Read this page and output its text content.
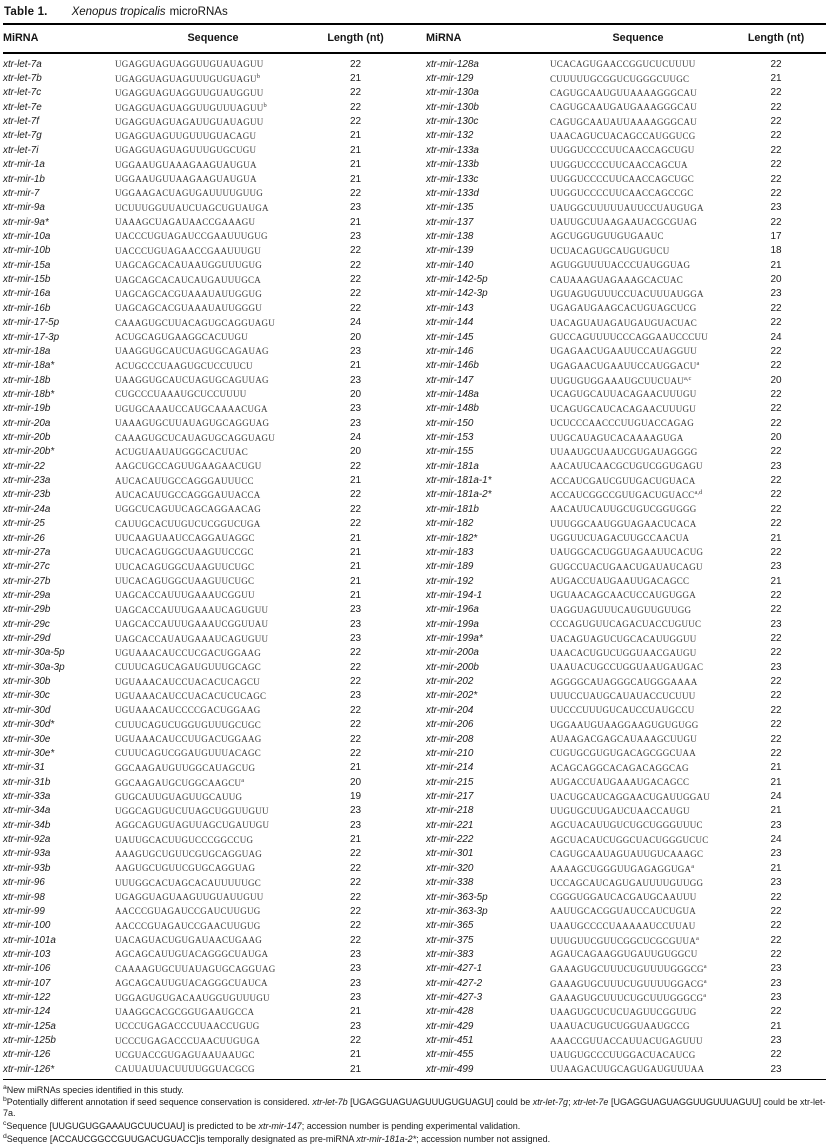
Table 1. Xenopus tropicalis microRNAs
MiRNA	Sequence	Length (nt)	MiRNA	Sequence	Length (nt)
xtr-let-7a	UGAGGUAGUAGGUUGUAUAGUU	22
xtr-let-7b	UGAGGUAGUAGUUUGUGUAGU$^b$	21
xtr-let-7c	UGAGGUAGUAGGUUGUAUGGUU	22
xtr-let-7e	UGAGGUAGUAGGUUGUUUAGUU$^b$	22
xtr-let-7f	UGAGGUAGUAGAUUGUAUAGUU	22
xtr-let-7g	UGAGGUAGUUGUUUGUACAGU	21
xtr-let-7i	UGAGGUAGUAGUUUGUGCUGU	21
xtr-mir-1a	UGGAAUGUAAAGAAGUAUGUA	21
xtr-mir-1b	UGGAAUGUUAAGAAGUAUGUA	21
xtr-mir-7	UGGAAGACUAGUGAUUUUGUUG	22
xtr-mir-9a	UCUUUGGUUAUCUAGCUGUAUGA	23
xtr-mir-9a*	UAAAGCUAGAUAACCGAAAGU	21
xtr-mir-10a	UACCCUGUAGAUCCGAAUUUGUG	23
xtr-mir-10b	UACCCUGUAGAACCGAAUUUGU	22
xtr-mir-15a	UAGCAGCACAUAAUGGUUUGUG	22
xtr-mir-15b	UAGCAGCACAUCAUGAUUUGCA	22
xtr-mir-16a	UAGCAGCACGUAAAUAUUGGUG	22
xtr-mir-16b	UAGCAGCACGUAAAUAUUGGGU	22
xtr-mir-17-5p	CAAAGUGCUUACAGUGCAGGUAGU	24
xtr-mir-17-3p	ACUGCAGUGAAGGCACUUGU	20
xtr-mir-18a	UAAGGUGCAUCUAGUGCAGAUAG	23
xtr-mir-18a*	ACUGCCCUAAGUGCUCCUUCU	21
xtr-mir-18b	UAAGGUGCAUCUAGUGCAGUUAG	23
xtr-mir-18b*	CUGCCCUAAAUGCUCCUUUU	20
xtr-mir-19b	UGUGCAAAUCCAUGCAAAACUGA	23
xtr-mir-20a	UAAAGUGCUUAUAGUGCAGGUAG	23
xtr-mir-20b	CAAAGUGCUCAUAGUGCAGGUAGU	24
xtr-mir-20b*	ACUGUAAUAUGGGCACUUAC	20
xtr-mir-22	AAGCUGCCAGUUGAAGAACUGU	22
xtr-mir-23a	AUCACAUUGCCAGGGAUUUCC	21
xtr-mir-23b	AUCACAUUGCCAGGGAUUACCA	22
xtr-mir-24a	UGGCUCAGUUCAGCAGGAACAG	22
xtr-mir-25	CAUUGCACUUGUCUCGGUCUGA	22
xtr-mir-26	UUCAAGUAAUCCAGGAUAGGC	21
xtr-mir-27a	UUCACAGUGGCUAAGUUCCGC	21
xtr-mir-27c	UUCACAGUGGCUAAGUUCUGC	21
xtr-mir-27b	UUCACAGUGGCUAAGUUCUGC	21
xtr-mir-29a	UAGCACCAUUUGAAAUCGGUU	21
xtr-mir-29b	UAGCACCAUUUGAAAUCAGUGUU	23
xtr-mir-29c	UAGCACCAUUUGAAAUCGGUUAU	23
xtr-mir-29d	UAGCACCAUAUGAAAUCAGUGUU	23
xtr-mir-30a-5p	UGUAAACAUCCUCGACUGGAAG	22
xtr-mir-30a-3p	CUUUCAGUCAGAUGUUUGCAGC	22
xtr-mir-30b	UGUAAACAUCCUACACUCAGCU	22
xtr-mir-30c	UGUAAACAUCCUACACUCUCAGC	23
xtr-mir-30d	UGUAAACAUCCCCGACUGGAAG	22
xtr-mir-30d*	CUUUCAGUCUGGUGUUUGCUGC	22
xtr-mir-30e	UGUAAACAUCCUUGACUGGAAG	22
xtr-mir-30e*	CUUUCAGUCGGAUGUUUACAGC	22
xtr-mir-31	GGCAAGAUGUUGGCAUAGCUG	21
xtr-mir-31b	GGCAAGAUGCUGGCAAGCU$^a$	20
xtr-mir-33a	GUGCAUUGUAGUUGCAUUG	19
xtr-mir-34a	UGGCAGUGUCUUAGCUGGUUGUU	23
xtr-mir-34b	AGGCAGUGUAGUUAGCUGAUUGU	23
xtr-mir-92a	UAUUGCACUUGUCCCGGCCUG	21
xtr-mir-93a	AAAGUGCUGUUCGUGCAGGUAG	22
xtr-mir-93b	AAGUGCUGUUCGUGCAGGUAG	22
xtr-mir-96	UUUGGCACUAGCACAUUUUUGC	22
xtr-mir-98	UGAGGUAGUAAGUUGUAUUGUU	22
xtr-mir-99	AACCCGUAGAUCCGAUCUUGUG	22
xtr-mir-100	AACCCGUAGAUCCGAACUUGUG	22
xtr-mir-101a	UACAGUACUGUGAUAACUGAAG	22
xtr-mir-103	AGCAGCAUUGUACAGGGCUAUGA	23
xtr-mir-106	CAAAAGUGCUUAUAGUGCAGGUAG	23
xtr-mir-107	AGCAGCAUUGUACAGGGCUAUCA	23
xtr-mir-122	UGGAGUGUGACAAUGGUGUUUGU	23
xtr-mir-124	UAAGGCACGCGGUGAAUGCCA	21
xtr-mir-125a	UCCCUGAGACCCUUAACCUGUG	23
xtr-mir-125b	UCCCUGAGACCCUAACUUGUGA	22
xtr-mir-126	UCGUACCGUGAGUAAUAAUGC	21
xtr-mir-126*	CAUUAUUACUUUUGGUACGCG	21
xtr-mir-128a	UCACAGUGAACCGGUCUCUUUU	22
xtr-mir-129	CUUUUUGCGGUCUGGGCUUGC	21
xtr-mir-130a	CAGUGCAAUGUUAAAAGGGCAU	22
xtr-mir-130b	CAGUGCAAUGAUGAAAGGGCAU	22
xtr-mir-130c	CAGUGCAAUAUUAAAAGGGCAU	22
xtr-mir-132	UAACAGUCUACAGCCAUGGUCG	22
xtr-mir-133a	UUGGUCCCCUUCAACCAGCUGU	22
xtr-mir-133b	UUGGUCCCCUUCAACCAGCUA	22
xtr-mir-133c	UUGGUCCCCUUCAACCAGCUGC	22
xtr-mir-133d	UUGGUCCCCUUCAACCAGCCGC	22
xtr-mir-135	UAUGGCUUUUUAUUCCUAUGUGA	23
xtr-mir-137	UAUUGCUUAAGAAUACGCGUAG	22
xtr-mir-138	AGCUGGUGUUGUGAAUC	17
xtr-mir-139	UCUACAGUGCAUGUGUCU	18
xtr-mir-140	AGUGGUUUUACCCUAUGGUAG	21
xtr-mir-142-5p	CAUAAAGUAGAAAGCACUAC	20
xtr-mir-142-3p	UGUAGUGUUUCCUACUUUAUGGA	23
xtr-mir-143	UGAGAUGAAGCACUGUAGCUCG	22
xtr-mir-144	UACAGUAUAGAUGAUGUACUAC	22
xtr-mir-145	GUCCAGUUUUCCCAGGAAUCCCUU	24
xtr-mir-146	UGAGAACUGAAUUCCAUAGGUU	22
xtr-mir-146b	UGAGAACUGAAUUCCAUGGACU$^a$	22
xtr-mir-147	UUGUGUGGAAAUGCUUCUAU$^{a,c}$	20
xtr-mir-148a	UCAGUGCAUUACAGAACUUUGU	22
xtr-mir-148b	UCAGUGCAUCACAGAACUUUGU	22
xtr-mir-150	UCUCCCAACCCUUGUACCAGAG	22
xtr-mir-153	UUGCAUAGUCACAAAAGUGA	20
xtr-mir-155	UUAAUGCUAAUCGUGAUAGGGG	22
xtr-mir-181a	AACAUUCAACGCUGUCGGUGAGU	23
xtr-mir-181a-1*	ACCAUCGAUCGUUGACUGUACA	22
xtr-mir-181a-2*	ACCAUCGGCCGUUGACUGUACC$^{a,d}$	22
xtr-mir-181b	AACAUUCAUUGCUGUCGGUGGG	22
xtr-mir-182	UUUGGCAAUGGUAGAACUCACA	22
xtr-mir-182*	UGGUUCUAGACUUGCCAACUA	21
xtr-mir-183	UAUGGCACUGGUAGAAUUCACUG	22
xtr-mir-189	GUGCCUACUGAACUGAUAUCAGU	23
xtr-mir-192	AUGACCUAUGAAUUGACAGCC	21
xtr-mir-194-1	UGUAACAGCAACUCCAUGUGGA	22
xtr-mir-196a	UAGGUAGUUUCAUGUUGUUGG	22
xtr-mir-199a	CCCAGUGUUCAGACUACCUGUUC	23
xtr-mir-199a*	UACAGUAGUCUGCACAUUGGUU	22
xtr-mir-200a	UAACACUGUCUGGUAACGAUGU	22
xtr-mir-200b	UAAUACUGCCUGGUAAUGAUGAC	23
xtr-mir-202	AGGGGCAUAGGGCAUGGGAAAA	22
xtr-mir-202*	UUUCCUAUGCAUAUACCUCUUU	22
xtr-mir-204	UUCCCUUUGUCAUCCUAUGCCU	22
xtr-mir-206	UGGAAUGUAAGGAAGUGUGUGG	22
xtr-mir-208	AUAAGACGAGCAUAAAGCUUGU	22
xtr-mir-210	CUGUGCGUGUGACAGCGGCUAA	22
xtr-mir-214	ACAGCAGGCACAGACAGGCAG	21
xtr-mir-215	AUGACCUAUGAAAUGACAGCC	21
xtr-mir-217	UACUGCAUCAGGAACUGAUUGGAU	24
xtr-mir-218	UUGUGCUUGAUCUAACCAUGU	21
xtr-mir-221	AGCUACAUUGUCUGCUGGGUUUC	23
xtr-mir-222	AGCUACAUCUGGCUACUGGGUCUC	24
xtr-mir-301	CAGUGCAAUAGUAUUGUCAAAGC	23
xtr-mir-320	AAAAGCUGGGUUGAGAGGUGA$^a$	21
xtr-mir-338	UCCAGCAUCAGUGAUUUUGUUGG	23
xtr-mir-363-5p	CGGGUGGAUCACGAUGCAAUUU	22
xtr-mir-363-3p	AAUUGCACGGUAUCCAUCUGUA	22
xtr-mir-365	UAAUGCCCCUAAAAAUCCUUAU	22
xtr-mir-375	UUUGUUCGUUCGGCUCGCGUUA$^a$	22
xtr-mir-383	AGAUCAGAAGGUGAUUGUGGCU	22
xtr-mir-427-1	GAAAGUGCUUUCUGUUUUGGGCG$^a$	23
xtr-mir-427-2	GAAAGUGCUUUCUGUUUUGGACG$^a$	23
xtr-mir-427-3	GAAAGUGCUUUCUGCUUUGGGCG$^a$	23
xtr-mir-428	UAAGUGCUCUCUAGUUCGGUUG	22
xtr-mir-429	UAAUACUGUCUGGUAAUGCCG	21
xtr-mir-451	AAACCGUUACCAUUACUGAGUUU	23
xtr-mir-455	UAUGUGCCCUUGGACUACAUCG	22
xtr-mir-499	UUAAGACUUGCAGUGAUGUUUAA	23
$^a$New miRNAs species identified in this study.
$^b$Potentially different annotation if seed sequence conservation is considered. xtr-let-7b [UGAGGUAGUAGUUUGUGUAGU] could be xtr-let-7g; xtr-let-7e [UGAGGUAGUAGGUUGUUUAGUU] could be xtr-let-7a.
$^c$Sequence [UUGUGUGGAAAUGCUUCUAU] is predicted to be xtr-mir-147; accession number is pending experimental validation.
$^d$Sequence [ACCAUCGGCCGUUGACUGUACC]is temporally designated as pre-miRNA xtr-mir-181a-2*; accession number not assigned.
